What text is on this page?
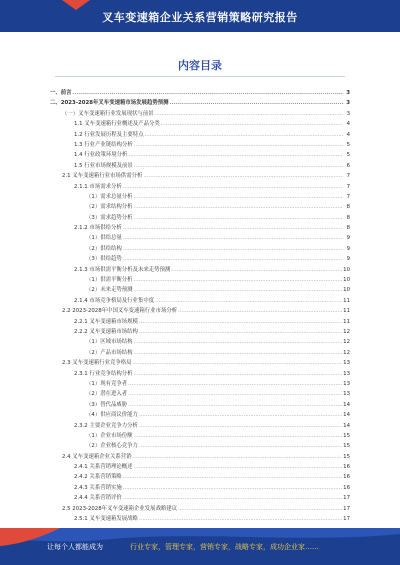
叉车变速箱企业关系营销策略研究报告
内容目录
一、前言 .....	3
二、2023-2028年叉车变速箱市场发展趋势预测 .....	3
（一）叉车变速箱行业发展现状与前景 .....	3
1.1 叉车变速箱行业概述及产品分类 .....	4
1.2 行业发展历程及主要特点 .....	4
1.3 行业产业链结构分析 .....	5
1.4 行业政策环境分析 .....	5
1.5 行业市场规模及前景 .....	6
2.1 叉车变速箱行业市场供需分析 .....	7
2.1.1 市场需求分析 .....	7
（1）需求总量分析 .....	7
（2）需求结构分析 .....	8
（3）需求趋势分析 .....	8
2.1.2 市场供给分析 .....	8
（1）供给总量 .....	9
（2）供给结构 .....	9
（3）供给趋势 .....	9
2.1.3 市场供需平衡分析及未来走势预测 .....	10
（1）供需平衡分析 .....	10
（2）未来走势预测 .....	10
2.1.4 市场竞争格局及行业集中度 .....	11
2.2 2023-2028年中国叉车变速箱行业市场分析 .....	11
2.2.1 叉车变速箱市场规模 .....	11
2.2.2 叉车变速箱市场结构 .....	12
（1）区域市场结构 .....	12
（2）产品市场结构 .....	12
2.3 叉车变速箱行业竞争格局 .....	13
2.3.1 行业竞争结构分析 .....	13
（1）现有竞争者 .....	13
（2）潜在进入者 .....	13
（3）替代品威胁 .....	14
（4）供应商议价能力 .....	14
2.3.2 主要企业竞争力分析 .....	14
（1）企业市场份额 .....	15
（2）企业核心竞争力 .....	15
2.4 叉车变速箱企业关系营销 .....	15
2.4.1 关系营销理论概述 .....	16
2.4.2 关系营销策略 .....	16
2.4.3 关系营销实施 .....	16
2.4.4 关系营销评价 .....	17
2.5 2023-2028年叉车变速箱企业发展战略建议 .....	17
2.5.1 叉车变速箱发展战略 .....	17
让每个人都能成为	行业专家，管理专家，营销专家，战略专家，成功企业家……
